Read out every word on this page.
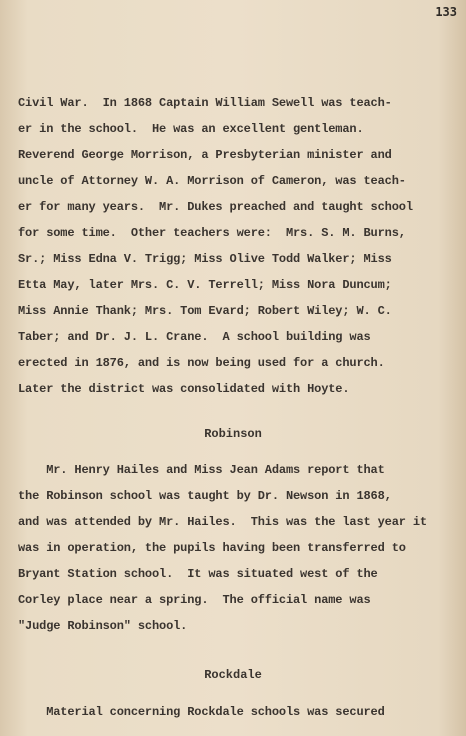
133
Civil War.  In 1868 Captain William Sewell was teach-
er in the school.  He was an excellent gentleman.
Reverend George Morrison, a Presbyterian minister and
uncle of Attorney W. A. Morrison of Cameron, was teach-
er for many years.  Mr. Dukes preached and taught school
for some time.  Other teachers were:  Mrs. S. M. Burns,
Sr.; Miss Edna V. Trigg; Miss Olive Todd Walker; Miss
Etta May, later Mrs. C. V. Terrell; Miss Nora Duncum;
Miss Annie Thank; Mrs. Tom Evard; Robert Wiley; W. C.
Taber; and Dr. J. L. Crane.  A school building was
erected in 1876, and is now being used for a church.
Later the district was consolidated with Hoyte.
Robinson
Mr. Henry Hailes and Miss Jean Adams report that
the Robinson school was taught by Dr. Newson in 1868,
and was attended by Mr. Hailes.  This was the last year it
was in operation, the pupils having been transferred to
Bryant Station school.  It was situated west of the
Corley place near a spring.  The official name was
"Judge Robinson" school.
Rockdale
Material concerning Rockdale schools was secured
